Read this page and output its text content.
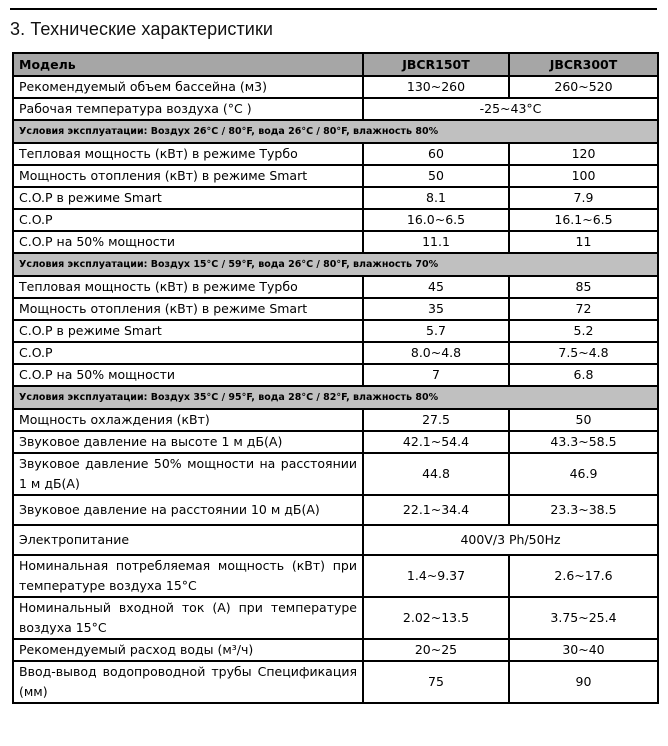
3. Технические характеристики
Модель	JBCR150T	JBCR300T
Рекомендуемый объем бассейна (м3)	130~260	260~520
Рабочая температура воздуха (°C )	-25~43°C	
Условия эксплуатации: Воздух 26°C / 80°F, вода 26°C / 80°F, влажность 80%		
Тепловая мощность (кВт) в режиме Турбо	60	120
Мощность отопления (кВт) в режиме Smart	50	100
C.O.P в режиме Smart	8.1	7.9
C.O.P	16.0~6.5	16.1~6.5
C.O.P на 50% мощности	11.1	11
Условия эксплуатации: Воздух 15°C / 59°F, вода 26°C / 80°F, влажность 70%		
Тепловая мощность (кВт) в режиме Турбо	45	85
Мощность отопления (кВт) в режиме Smart	35	72
C.O.P в режиме Smart	5.7	5.2
C.O.P	8.0~4.8	7.5~4.8
C.O.P на 50% мощности	7	6.8
Условия эксплуатации: Воздух 35°C / 95°F, вода 28°C / 82°F, влажность 80%		
Мощность охлаждения (кВт)	27.5	50
Звуковое давление на высоте 1 м дБ(А)	42.1~54.4	43.3~58.5
Звуковое давление 50% мощности на расстоянии 1 м дБ(А)	44.8	46.9
Звуковое давление на расстоянии 10 м дБ(А)	22.1~34.4	23.3~38.5
Электропитание	400V/3 Ph/50Hz	
Номинальная потребляемая мощность (кВт) при температуре воздуха 15°C	1.4~9.37	2.6~17.6
Номинальный входной ток (А) при температуре воздуха 15°C	2.02~13.5	3.75~25.4
Рекомендуемый расход воды (м³/ч)	20~25	30~40
Ввод-вывод водопроводной трубы Спецификация (мм)	75	90
